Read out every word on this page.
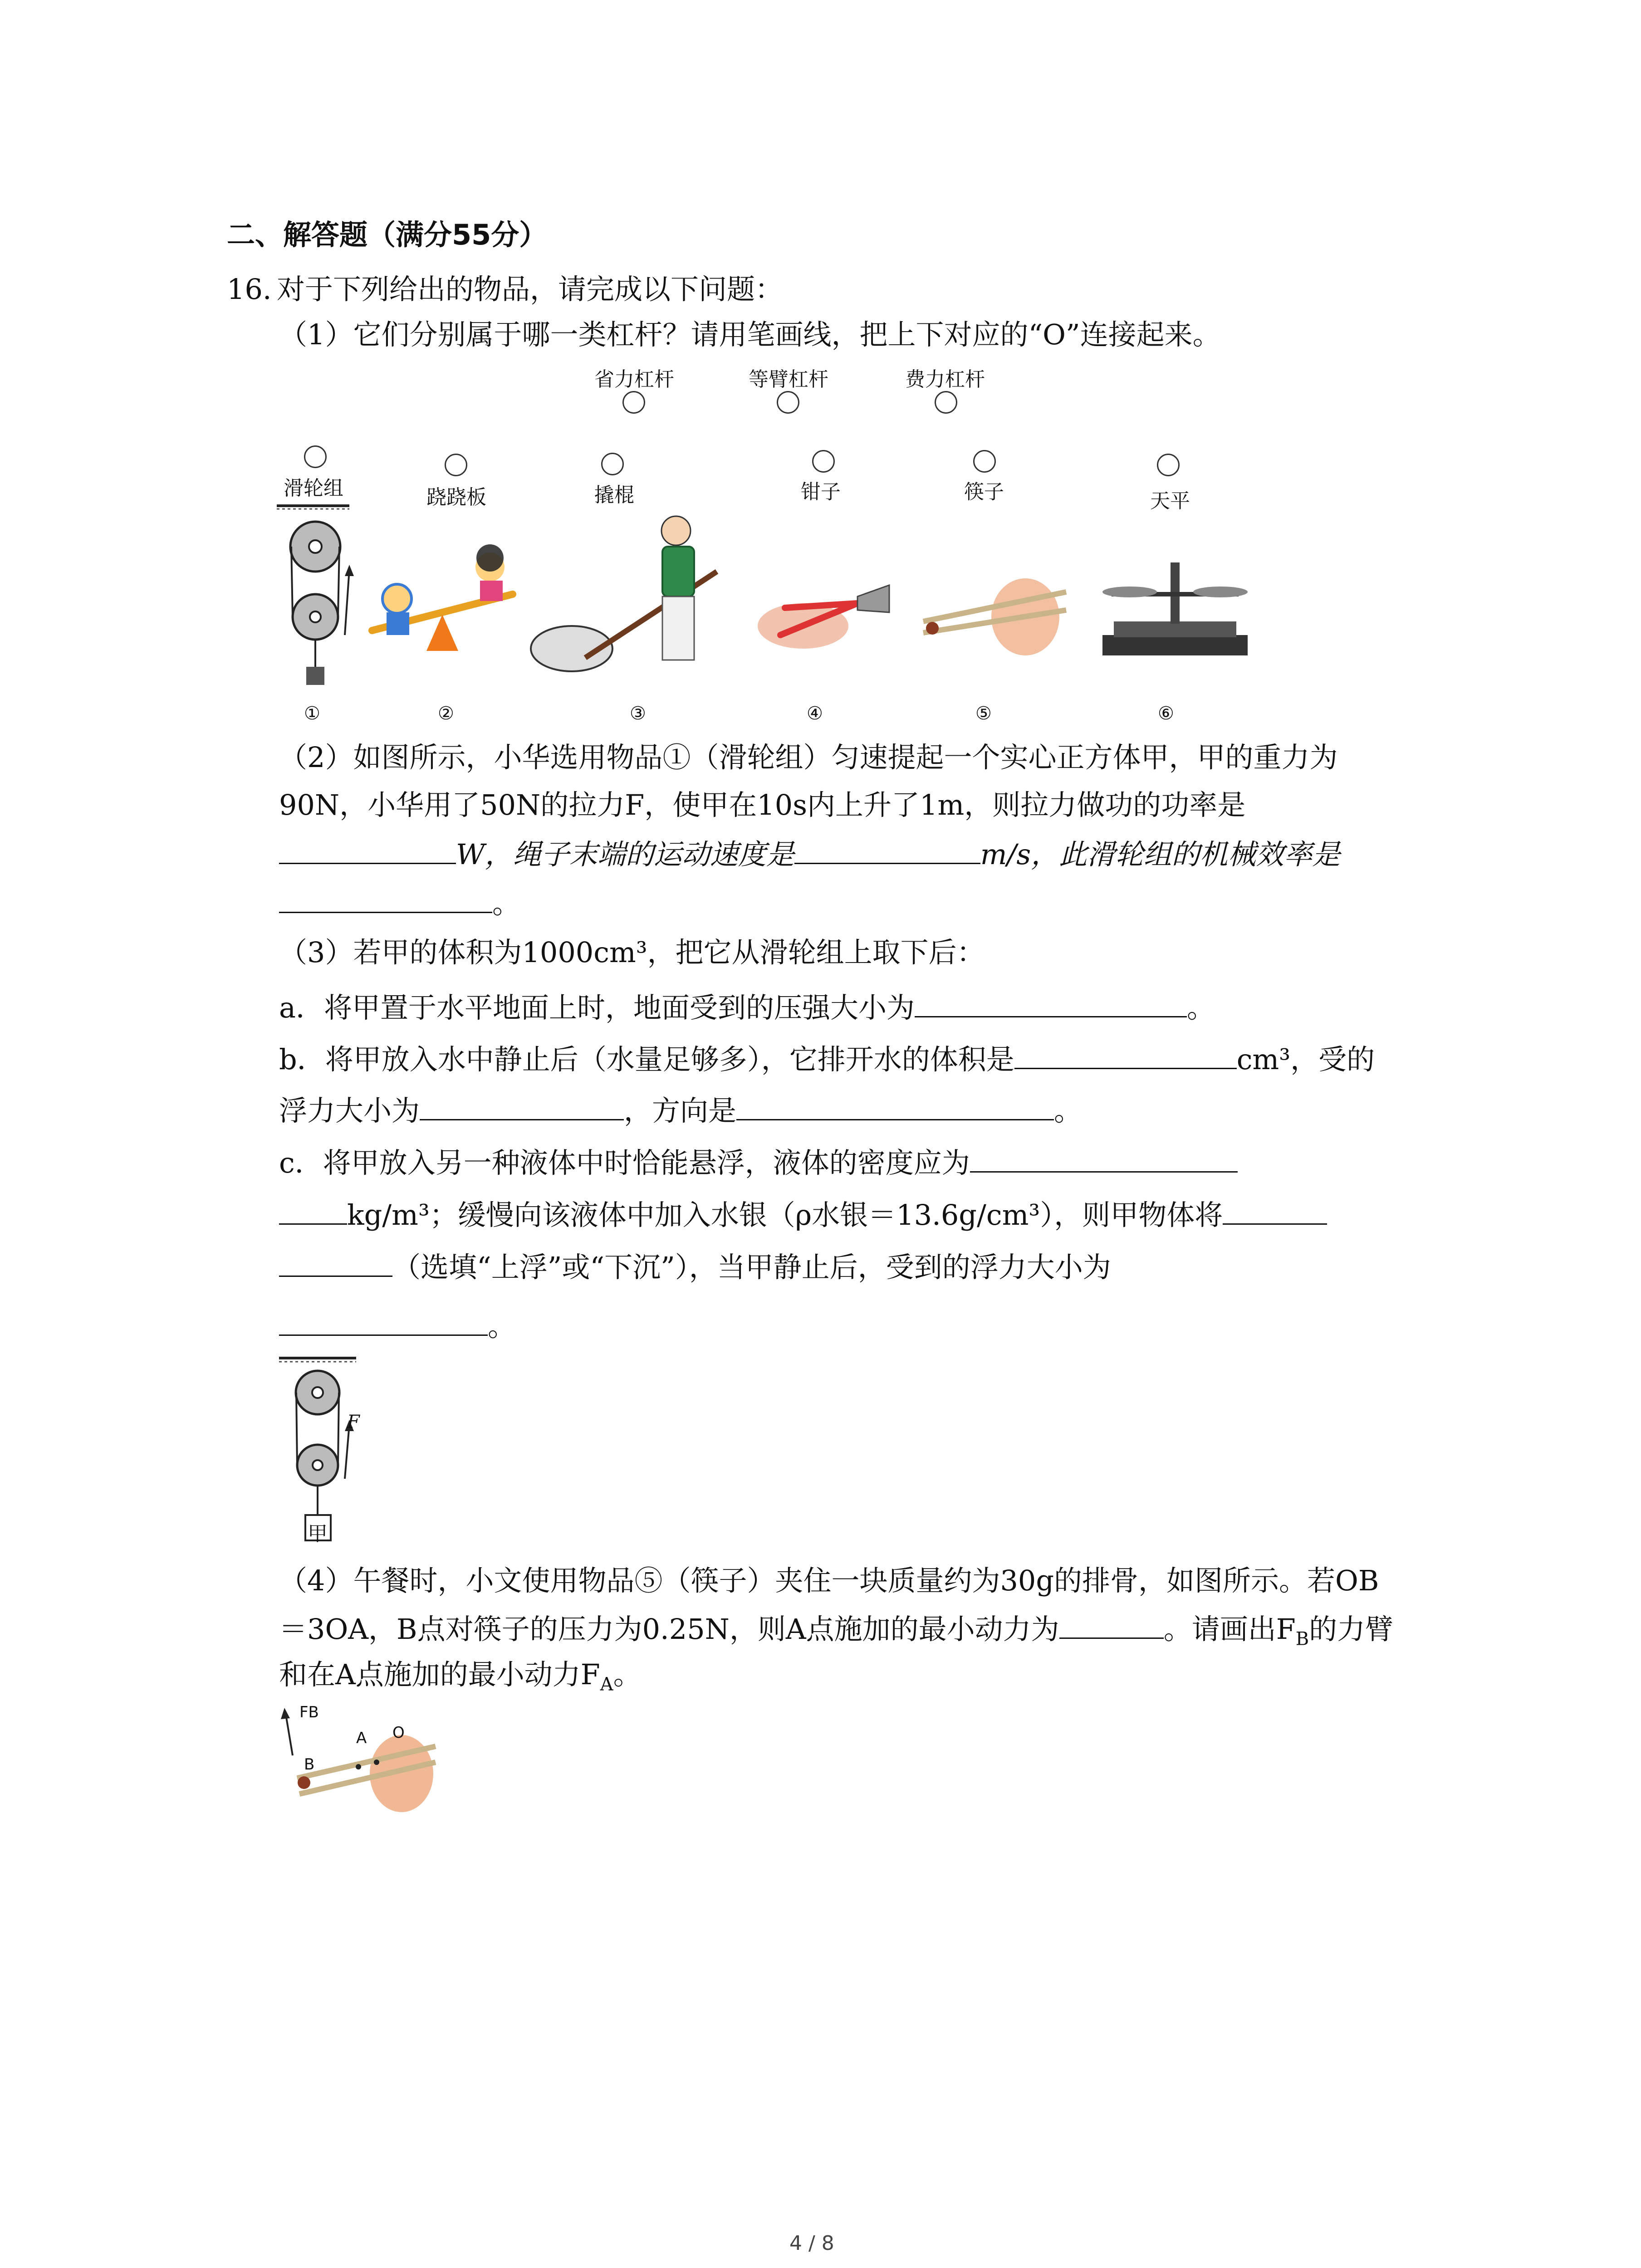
二、解答题（满分55分）
16. 对于下列给出的物品，请完成以下问题：
（1）它们分别属于哪一类杠杆？请用笔画线，把上下对应的“O”连接起来。
省力杠杆	等臂杠杆	费力杠杆
滑轮组	跷跷板	撬棍	钳子	筷子	天平
①	②	③	④	⑤	⑥
（2）如图所示，小华选用物品①（滑轮组）匀速提起一个实心正方体甲，甲的重力为
90N，小华用了50N的拉力F，使甲在10s内上升了1m，则拉力做功的功率是
W，绳子末端的运动速度是	m/s，此滑轮组的机械效率是
。
（3）若甲的体积为1000cm³，把它从滑轮组上取下后：
a．将甲置于水平地面上时，地面受到的压强大小为	。
b．将甲放入水中静止后（水量足够多），它排开水的体积是	cm³，受的
浮力大小为	，方向是	。
c．将甲放入另一种液体中时恰能悬浮，液体的密度应为
kg/m³；缓慢向该液体中加入水银（ρ水银＝13.6g/cm³），则甲物体将
（选填“上浮”或“下沉”），当甲静止后，受到的浮力大小为
。
F
甲
（4）午餐时，小文使用物品⑤（筷子）夹住一块质量约为30g的排骨，如图所示。若OB
＝3OA，B点对筷子的压力为0.25N，则A点施加的最小动力为	。请画出$F_B$的力臂
和在A点施加的最小动力$F_A$。
FB
A O
B
4 / 8
